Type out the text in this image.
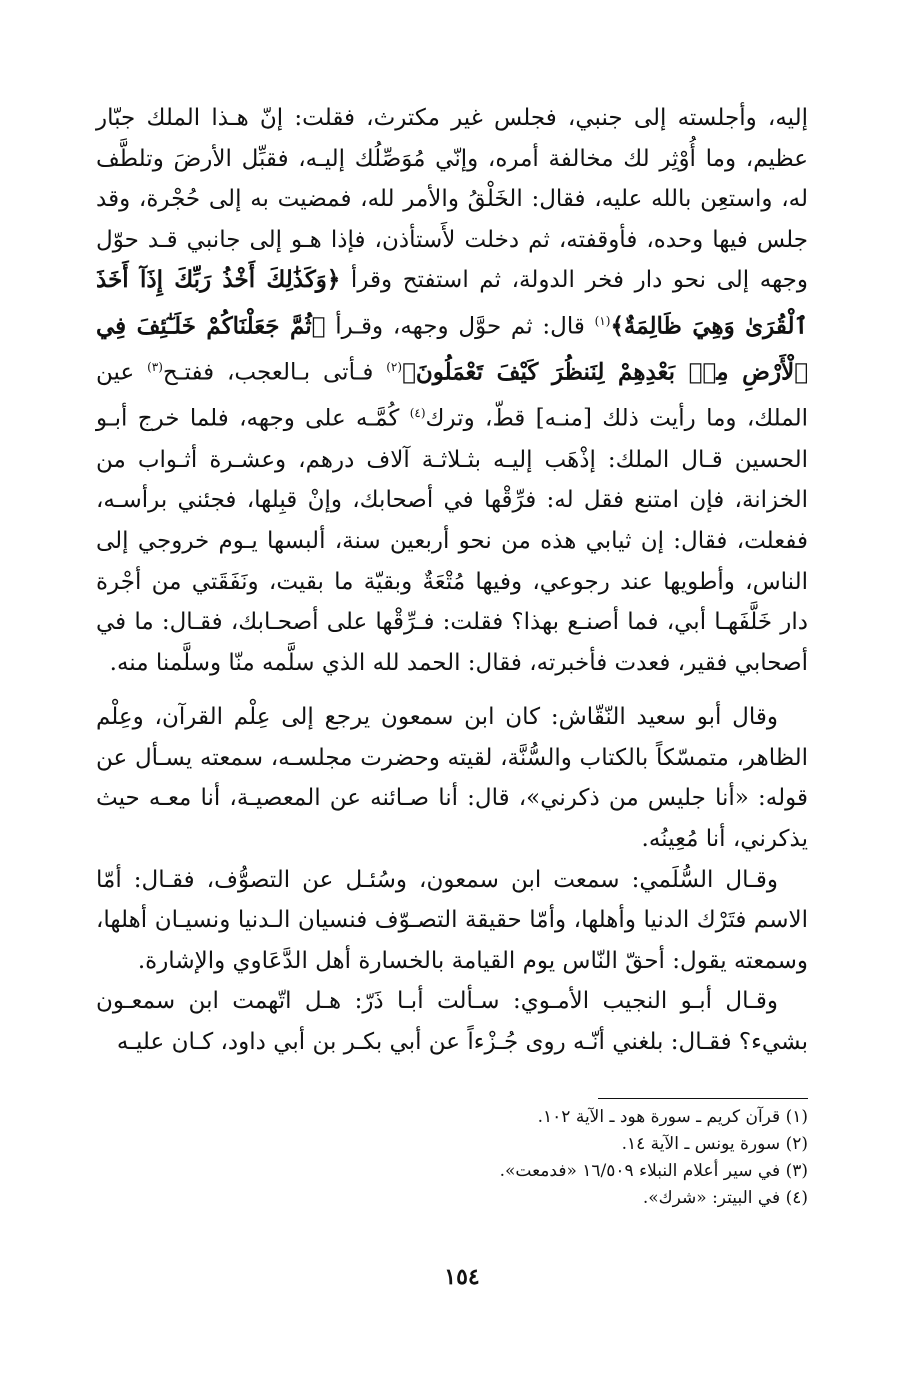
إليه، وأجلسته إلى جنبي، فجلس غير مكترث، فقلت: إنّ هـذا الملك جبّار عظيم، وما أُوْثِر لك مخالفة أمره، وإنّي مُوَصِّلُك إليـه، فقبِّل الأرضَ وتلطَّف له، واستعِن بالله عليه، فقال: الخَلْقُ والأمر لله، فمضيت به إلى حُجْرة، وقد جلس فيها وحده، فأوقفته، ثم دخلت لأَستأذن، فإذا هـو إلى جانبي قـد حوّل وجهه إلى نحو دار فخر الدولة، ثم استفتح وقرأ ﴿وَكَذَٰلِكَ أَخْذُ رَبِّكَ إِذَآ أَخَذَ ٱلْقُرَىٰ وَهِيَ ظَالِمَةٌ﴾$^{(١)}$ قال: ثم حوَّل وجهه، وقـرأ ﴿ثُمَّ جَعَلْنَاكُمْ خَلَـٰٓئِفَ فِي ٱلْأَرْضِ مِنۢ بَعْدِهِمْ لِنَنظُرَ كَيْفَ تَعْمَلُونَ﴾$^{(٢)}$ فـأتى بـالعجب، ففتـح$^{(٣)}$ عين الملك، وما رأيت ذلك [منـه] قطّ، وترك$^{(٤)}$ كُمَّـه على وجهه، فلما خرج أبـو الحسين قـال الملك: إذْهَب إليـه بثـلاثـة آلاف درهم، وعشـرة أثـواب من الخزانة، فإن امتنع فقل له: فرِّقْها في أصحابك، وإنْ قبِلها، فجئني برأسـه، ففعلت، فقال: إن ثيابي هذه من نحو أربعين سنة، ألبسها يـوم خروجي إلى الناس، وأطويها عند رجوعي، وفيها مُتْعَةٌ وبقيّة ما بقيت، ونَفَقَتي من أجْرة دار خَلَّفَهـا أبي، فما أصنـع بهذا؟ فقلت: فـرِّقْها على أصحـابك، فقـال: ما في أصحابي فقير، فعدت فأخبرته، فقال: الحمد لله الذي سلَّمه منّا وسلَّمنا منه.

وقال أبو سعيد النّقّاش: كان ابن سمعون يرجع إلى عِلْم القرآن، وعِلْم الظاهر، متمسّكاً بالكتاب والسُّنَّة، لقيته وحضرت مجلسـه، سمعته يسـأل عن قوله: «أنا جليس من ذكرني»، قال: أنا صـائنه عن المعصيـة، أنا معـه حيث يذكرني، أنا مُعِينُه.

وقـال السُّلَمي: سمعت ابن سمعون، وسُئـل عن التصوُّف، فقـال: أمّا الاسم فتَرْك الدنيا وأهلها، وأمّا حقيقة التصـوّف فنسيان الـدنيا ونسيـان أهلها، وسمعته يقول: أحقّ النّاس يوم القيامة بالخسارة أهل الدَّعَاوي والإشارة.

وقـال أبـو النجيب الأمـوي: سـألت أبـا ذَرّ: هـل اتّهمت ابن سمعـون بشيء؟ فقـال: بلغني أنّـه روى جُـزْءاً عن أبي بكـر بن أبي داود، كـان عليـه

(١) قرآن كريم ـ سورة هود ـ الآية ١٠٢.

(٢) سورة يونس ـ الآية ١٤.

(٣) في سير أعلام النبلاء ١٦/٥٠٩ «فدمعت».

(٤) في البيتر: «شرك».

١٥٤
